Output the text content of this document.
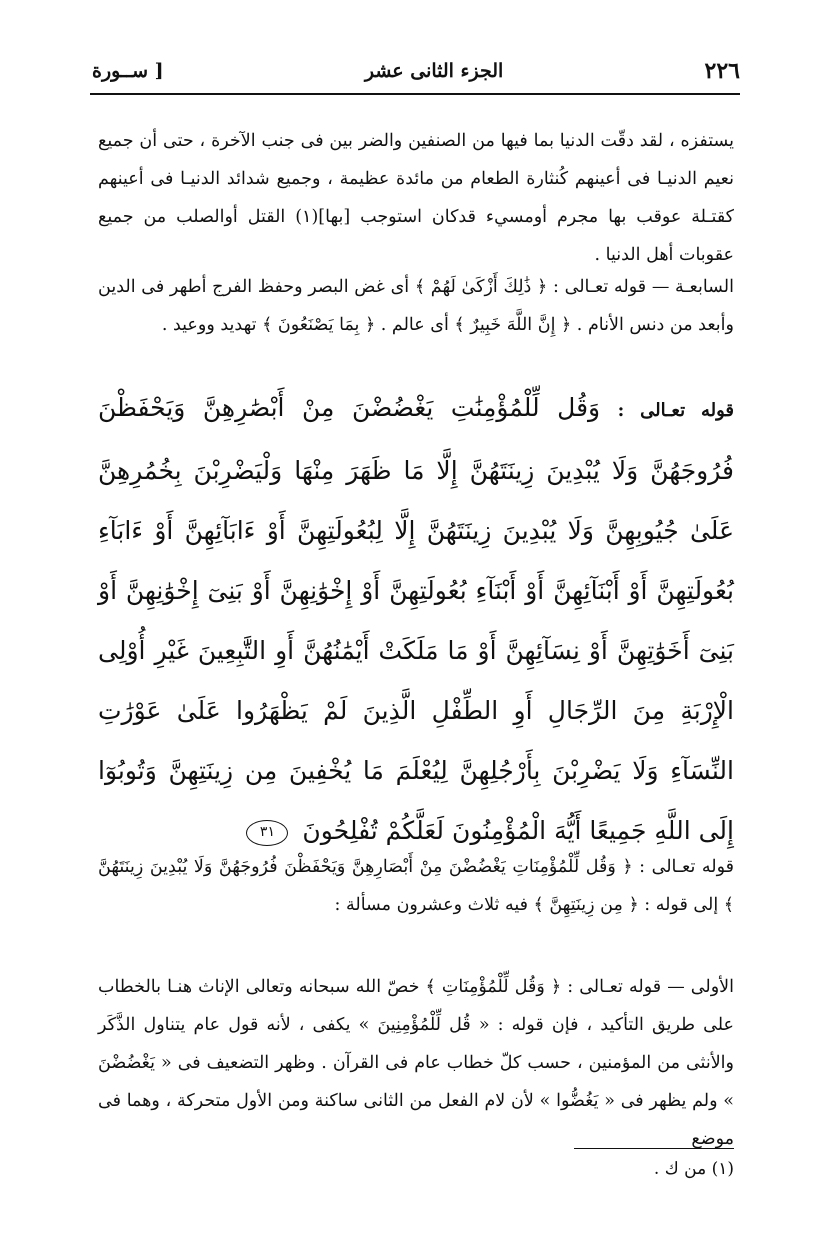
٢٢٦
الجزء الثانى عشر
[ ســورة

يستفزه ، لقد دقّت الدنيا بما فيها من الصنفين والضر بين فى جنب الآخرة ، حتى أن جميع نعيم الدنيـا فى أعينهم كُنثارة الطعام من مائدة عظيمة ، وجميع شدائد الدنيـا فى أعينهم كقتـلة عوقب بها مجرم أومسيء قدكان استوجب [بها](١) القتل أوالصلب من جميع عقوبات أهل الدنيا .

السابعـة — قوله تعـالى : ﴿ ذَٰلِكَ أَزْكَىٰ لَهُمْ ﴾ أى غض البصر وحفظ الفرج أطهر فى الدين وأبعد من دنس الأنام . ﴿ إِنَّ اللَّهَ خَبِيرٌ ﴾ أى عالم . ﴿ بِمَا يَصْنَعُونَ ﴾ تهديد ووعيد .

قوله تعـالى : وَقُل لِّلْمُؤْمِنَٰتِ يَغْضُضْنَ مِنْ أَبْصَٰرِهِنَّ وَيَحْفَظْنَ فُرُوجَهُنَّ وَلَا يُبْدِينَ زِينَتَهُنَّ إِلَّا مَا ظَهَرَ مِنْهَا وَلْيَضْرِبْنَ بِخُمُرِهِنَّ عَلَىٰ جُيُوبِهِنَّ وَلَا يُبْدِينَ زِينَتَهُنَّ إِلَّا لِبُعُولَتِهِنَّ أَوْ ءَابَآئِهِنَّ أَوْ ءَابَآءِ بُعُولَتِهِنَّ أَوْ أَبْنَآئِهِنَّ أَوْ أَبْنَآءِ بُعُولَتِهِنَّ أَوْ إِخْوَٰنِهِنَّ أَوْ بَنِىٓ إِخْوَٰنِهِنَّ أَوْ بَنِىٓ أَخَوَٰتِهِنَّ أَوْ نِسَآئِهِنَّ أَوْ مَا مَلَكَتْ أَيْمَٰنُهُنَّ أَوِ التَّٰبِعِينَ غَيْرِ أُوْلِى الْإِرْبَةِ مِنَ الرِّجَالِ أَوِ الطِّفْلِ الَّذِينَ لَمْ يَظْهَرُوا عَلَىٰ عَوْرَٰتِ النِّسَآءِ وَلَا يَضْرِبْنَ بِأَرْجُلِهِنَّ لِيُعْلَمَ مَا يُخْفِينَ مِن زِينَتِهِنَّ وَتُوبُوٓا إِلَى اللَّهِ جَمِيعًا أَيُّهَ الْمُؤْمِنُونَ لَعَلَّكُمْ تُفْلِحُونَ ٣١

قوله تعـالى : ﴿ وَقُل لِّلْمُؤْمِنَاتِ يَغْضُضْنَ مِنْ أَبْصَارِهِنَّ وَيَحْفَظْنَ فُرُوجَهُنَّ وَلَا يُبْدِينَ زِينَتَهُنَّ ﴾ إلى قوله : ﴿ مِن زِينَتِهِنَّ ﴾ فيه ثلاث وعشرون مسألة :

الأولى — قوله تعـالى : ﴿ وَقُل لِّلْمُؤْمِنَاتِ ﴾ خصّ الله سبحانه وتعالى الإناث هنـا بالخطاب على طريق التأكيد ، فإن قوله : « قُل لِّلْمُؤْمِنِينَ » يكفى ، لأنه قول عام يتناول الذَّكَر والأنثى من المؤمنين ، حسب كلّ خطاب عام فى القرآن . وظهر التضعيف فى « يَغْضُضْنَ » ولم يظهر فى « يَغُضُّوا » لأن لام الفعل من الثانى ساكنة ومن الأول متحركة ، وهما فى موضع

(١) من ك .
